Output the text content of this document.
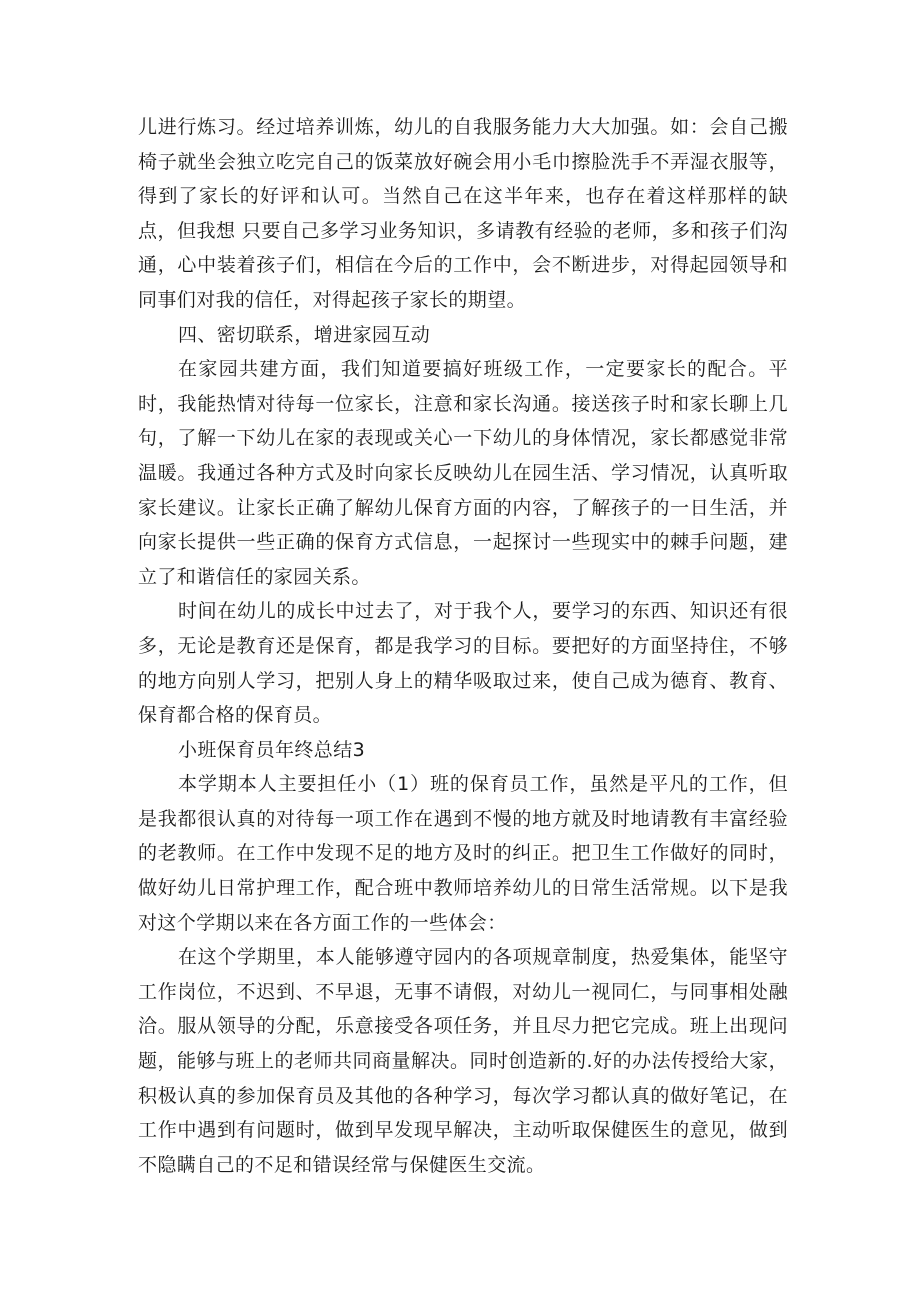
儿进行炼习。经过培养训炼，幼儿的自我服务能力大大加强。如：会自己搬椅子就坐会独立吃完自己的饭菜放好碗会用小毛巾擦脸洗手不弄湿衣服等，得到了家长的好评和认可。当然自己在这半年来，也存在着这样那样的缺点，但我想 只要自己多学习业务知识，多请教有经验的老师，多和孩子们沟通，心中装着孩子们，相信在今后的工作中，会不断进步，对得起园领导和同事们对我的信任，对得起孩子家长的期望。

四、密切联系，增进家园互动

在家园共建方面，我们知道要搞好班级工作，一定要家长的配合。平时，我能热情对待每一位家长，注意和家长沟通。接送孩子时和家长聊上几句，了解一下幼儿在家的表现或关心一下幼儿的身体情况，家长都感觉非常温暖。我通过各种方式及时向家长反映幼儿在园生活、学习情况，认真听取家长建议。让家长正确了解幼儿保育方面的内容，了解孩子的一日生活，并向家长提供一些正确的保育方式信息，一起探讨一些现实中的棘手问题，建立了和谐信任的家园关系。

时间在幼儿的成长中过去了，对于我个人，要学习的东西、知识还有很多，无论是教育还是保育，都是我学习的目标。要把好的方面坚持住，不够的地方向别人学习，把别人身上的精华吸取过来，使自己成为德育、教育、保育都合格的保育员。

小班保育员年终总结3

本学期本人主要担任小（1）班的保育员工作，虽然是平凡的工作，但是我都很认真的对待每一项工作在遇到不慢的地方就及时地请教有丰富经验的老教师。在工作中发现不足的地方及时的纠正。把卫生工作做好的同时，做好幼儿日常护理工作，配合班中教师培养幼儿的日常生活常规。以下是我对这个学期以来在各方面工作的一些体会：

在这个学期里，本人能够遵守园内的各项规章制度，热爱集体，能坚守工作岗位，不迟到、不早退，无事不请假，对幼儿一视同仁，与同事相处融洽。服从领导的分配，乐意接受各项任务，并且尽力把它完成。班上出现问题，能够与班上的老师共同商量解决。同时创造新的.好的办法传授给大家，积极认真的参加保育员及其他的各种学习，每次学习都认真的做好笔记，在工作中遇到有问题时，做到早发现早解决，主动听取保健医生的意见，做到不隐瞒自己的不足和错误经常与保健医生交流。
